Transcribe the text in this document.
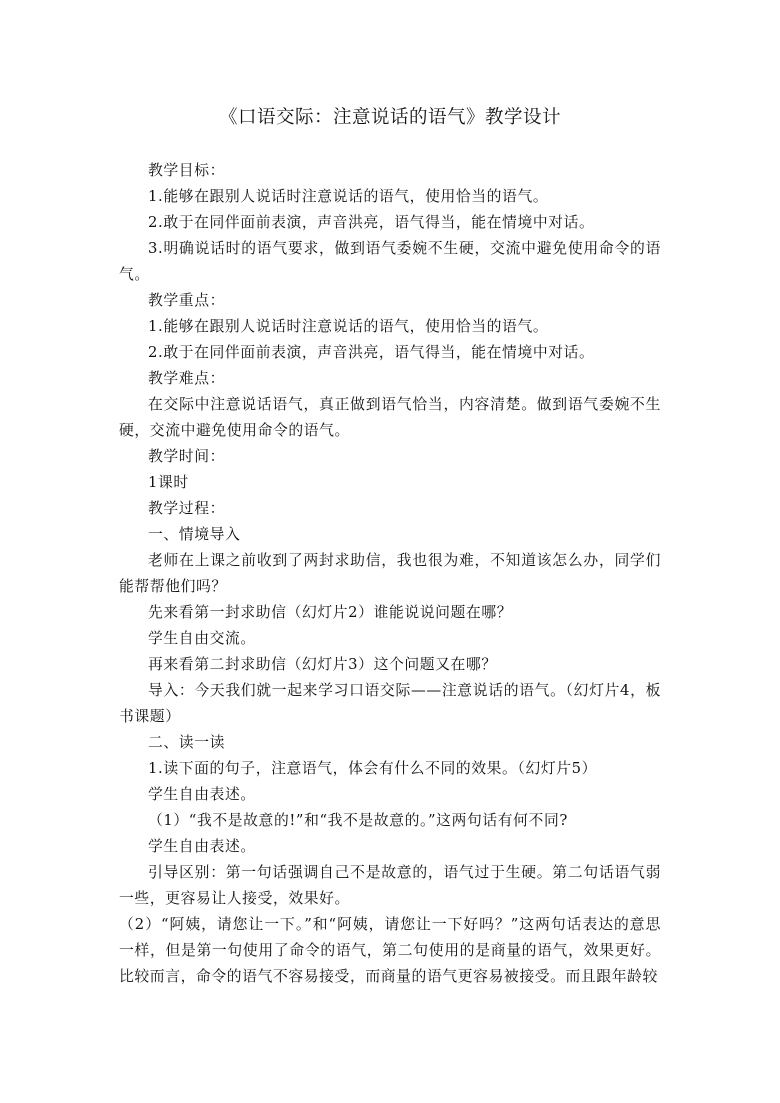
《口语交际：注意说话的语气》教学设计

教学目标：

1.能够在跟别人说话时注意说话的语气，使用恰当的语气。

2.敢于在同伴面前表演，声音洪亮，语气得当，能在情境中对话。

3.明确说话时的语气要求，做到语气委婉不生硬，交流中避免使用命令的语气。

教学重点：

1.能够在跟别人说话时注意说话的语气，使用恰当的语气。

2.敢于在同伴面前表演，声音洪亮，语气得当，能在情境中对话。

教学难点：

在交际中注意说话语气，真正做到语气恰当，内容清楚。做到语气委婉不生硬，交流中避免使用命令的语气。

教学时间：

1课时

教学过程：

一、情境导入

老师在上课之前收到了两封求助信，我也很为难，不知道该怎么办，同学们能帮帮他们吗？

先来看第一封求助信（幻灯片2）谁能说说问题在哪？

学生自由交流。

再来看第二封求助信（幻灯片3）这个问题又在哪？

导入：今天我们就一起来学习口语交际——注意说话的语气。（幻灯片4，板书课题）

二、读一读

1.读下面的句子，注意语气，体会有什么不同的效果。（幻灯片5）

学生自由表述。

（1）“我不是故意的!”和“我不是故意的。”这两句话有何不同?

学生自由表述。

引导区别：第一句话强调自己不是故意的，语气过于生硬。第二句话语气弱一些，更容易让人接受，效果好。

（2）“阿姨，请您让一下。”和“阿姨，请您让一下好吗？”这两句话表达的意思一样，但是第一句使用了命令的语气，第二句使用的是商量的语气，效果更好。比较而言，命令的语气不容易接受，而商量的语气更容易被接受。而且跟年龄较
